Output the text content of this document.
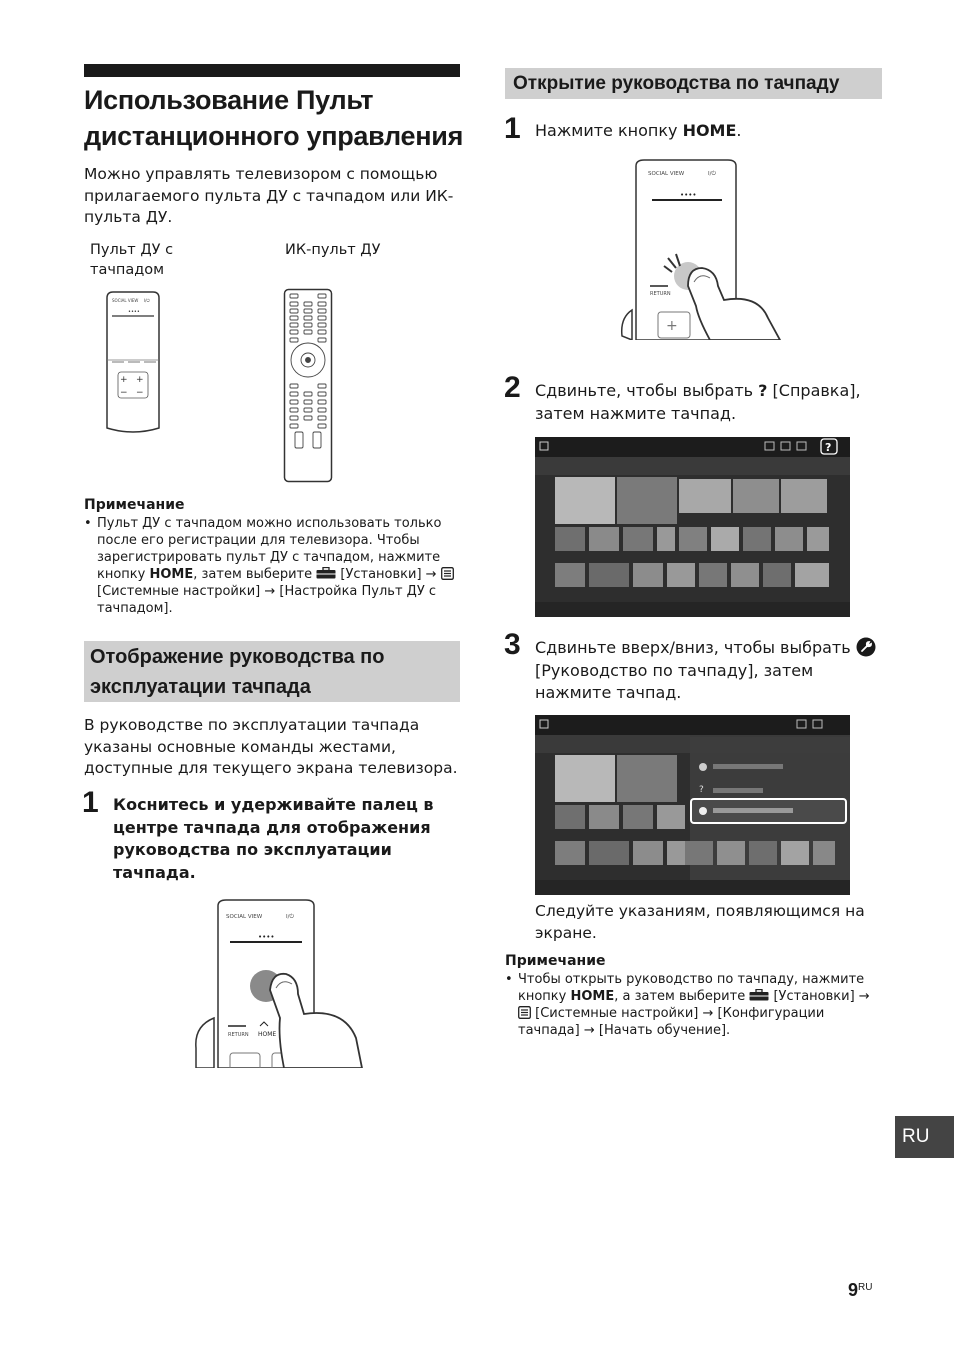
Использование Пульт
дистанционного управления
Можно управлять телевизором с помощью прилагаемого пульта ДУ с тачпадом или ИК-пульта ДУ.
Пульт ДУ с
тачпадом
ИК-пульт ДУ
SOCIAL VIEW I/⏻
••••
+ +
− −
Примечание
• Пульт ДУ с тачпадом можно использовать только после его регистрации для телевизора. Чтобы зарегистрировать пульт ДУ с тачпадом, нажмите кнопку HOME, затем выберите  [Установки] →  [Системные настройки] → [Настройка Пульт ДУ с тачпадом].
Отображение руководства по
эксплуатации тачпада
В руководстве по эксплуатации тачпада указаны основные команды жестами, доступные для текущего экрана телевизора.
1 Коснитесь и удерживайте палец в центре тачпада для отображения руководства по эксплуатации тачпада.
SOCIAL VIEW	I/⏻
••••
RETURN HOME
Открытие руководства по тачпаду
1 Нажмите кнопку HOME.
SOCIAL VIEW	I/⏻
••••
RETURN
+
2 Сдвиньте, чтобы выбрать ? [Справка], затем нажмите тачпад.
?
3 Сдвиньте вверх/вниз, чтобы выбрать  [Руководство по тачпаду], затем нажмите тачпад.
?
Следуйте указаниям, появляющимся на экране.
Примечание
• Чтобы открыть руководство по тачпаду, нажмите кнопку HOME, а затем выберите  [Установки] →  [Системные настройки] → [Конфигурации тачпада] → [Начать обучение].
RU
$9^{RU}$
